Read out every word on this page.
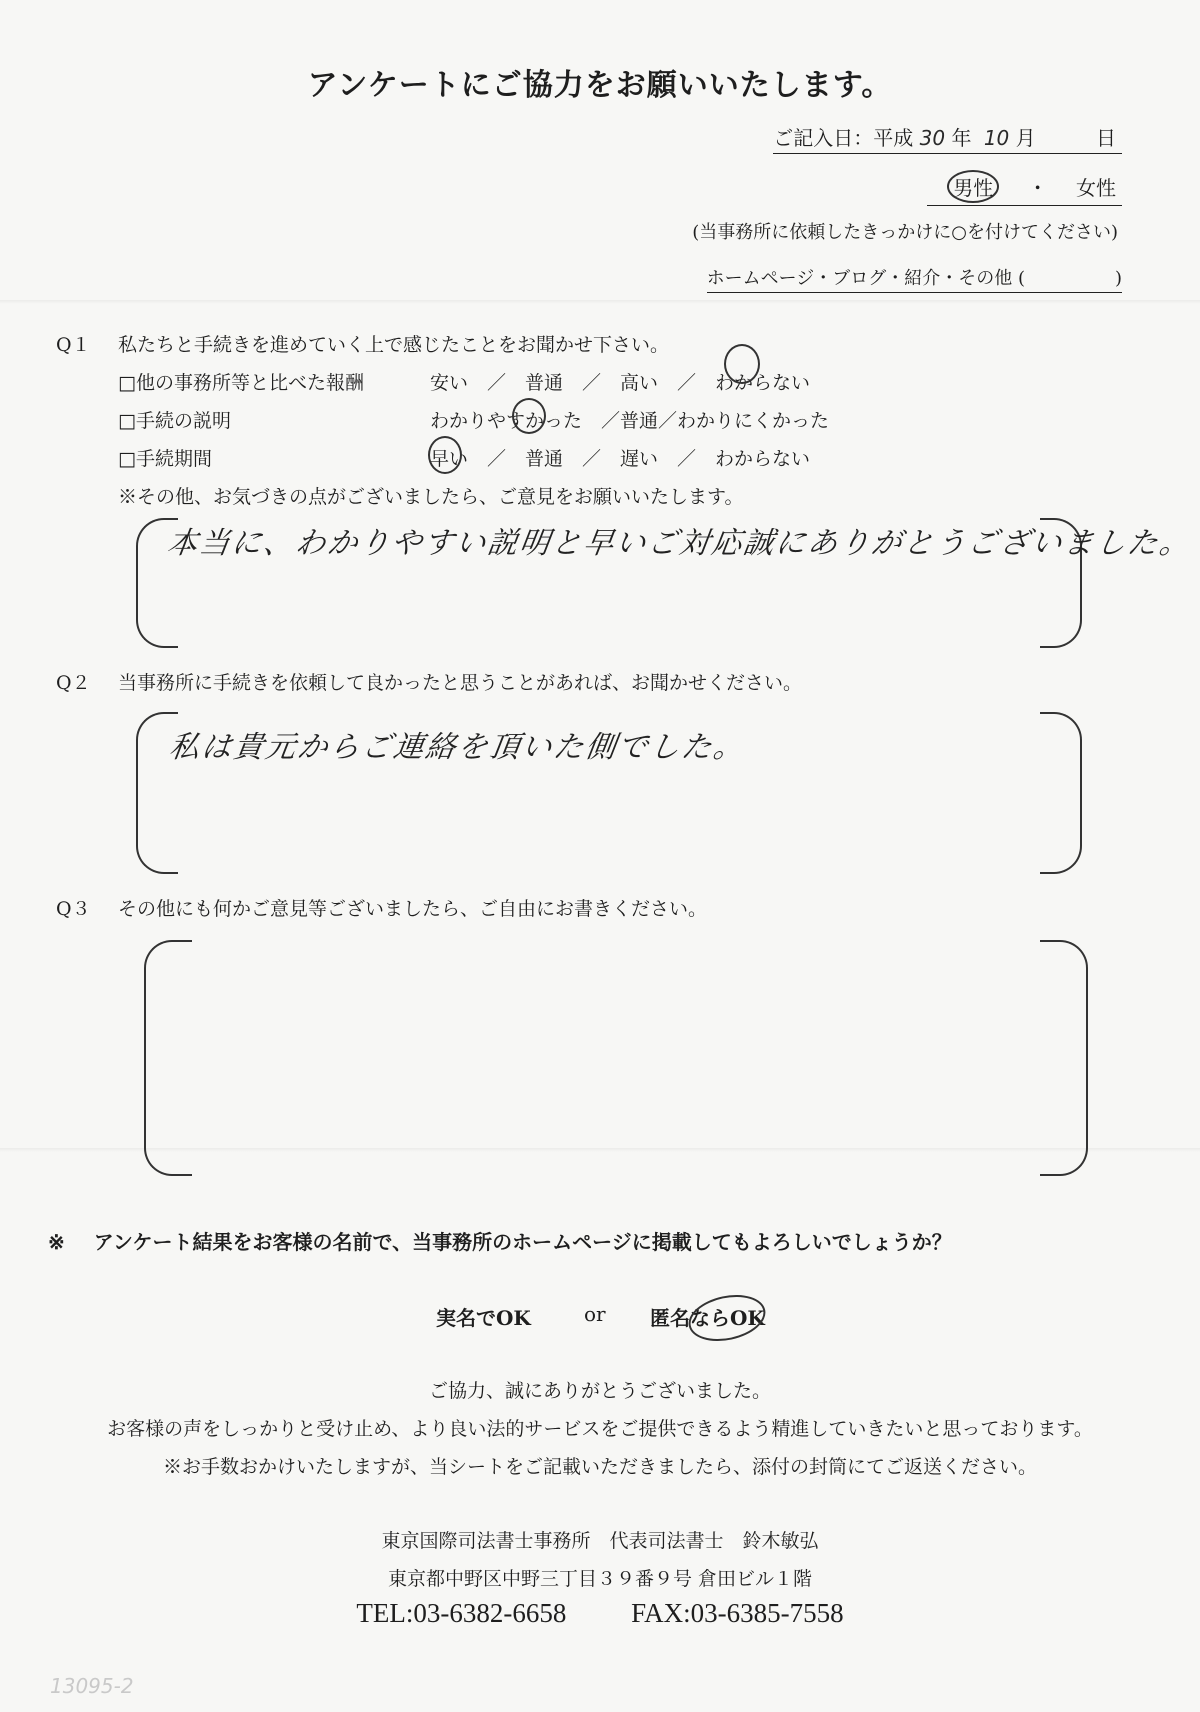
アンケートにご協力をお願いいたします。
ご記入日：平成 30 年 10 月	日
男性 ・ 女性
(当事務所に依頼したきっかけに○を付けてください)
ホームページ・ブログ・紹介・その他 (　　　　　)
Q１ 私たちと手続きを進めていく上で感じたことをお聞かせ下さい。
□他の事務所等と比べた報酬	安い　／　普通　／　高い　／　わからない
□手続の説明	わかりやすかった　／普通／わかりにくかった
□手続期間	早い　／　普通　／　遅い　／　わからない
※その他、お気づきの点がございましたら、ご意見をお願いいたします。
本当に、わかりやすい説明と早いご対応誠にありがとうございました。
Q２ 当事務所に手続きを依頼して良かったと思うことがあれば、お聞かせください。
私は貴元からご連絡を頂いた側でした。
Q３ その他にも何かご意見等ございましたら、ご自由にお書きください。
※ アンケート結果をお客様の名前で、当事務所のホームページに掲載してもよろしいでしょうか？
実名でOK	or 匿名ならOK
ご協力、誠にありがとうございました。
お客様の声をしっかりと受け止め、より良い法的サービスをご提供できるよう精進していきたいと思っております。
※お手数おかけいたしますが、当シートをご記載いただきましたら、添付の封筒にてご返送ください。
東京国際司法書士事務所　代表司法書士　鈴木敏弘
東京都中野区中野三丁目３９番９号 倉田ビル１階
TEL:03-6382-6658 FAX:03-6385-7558
13095-2
